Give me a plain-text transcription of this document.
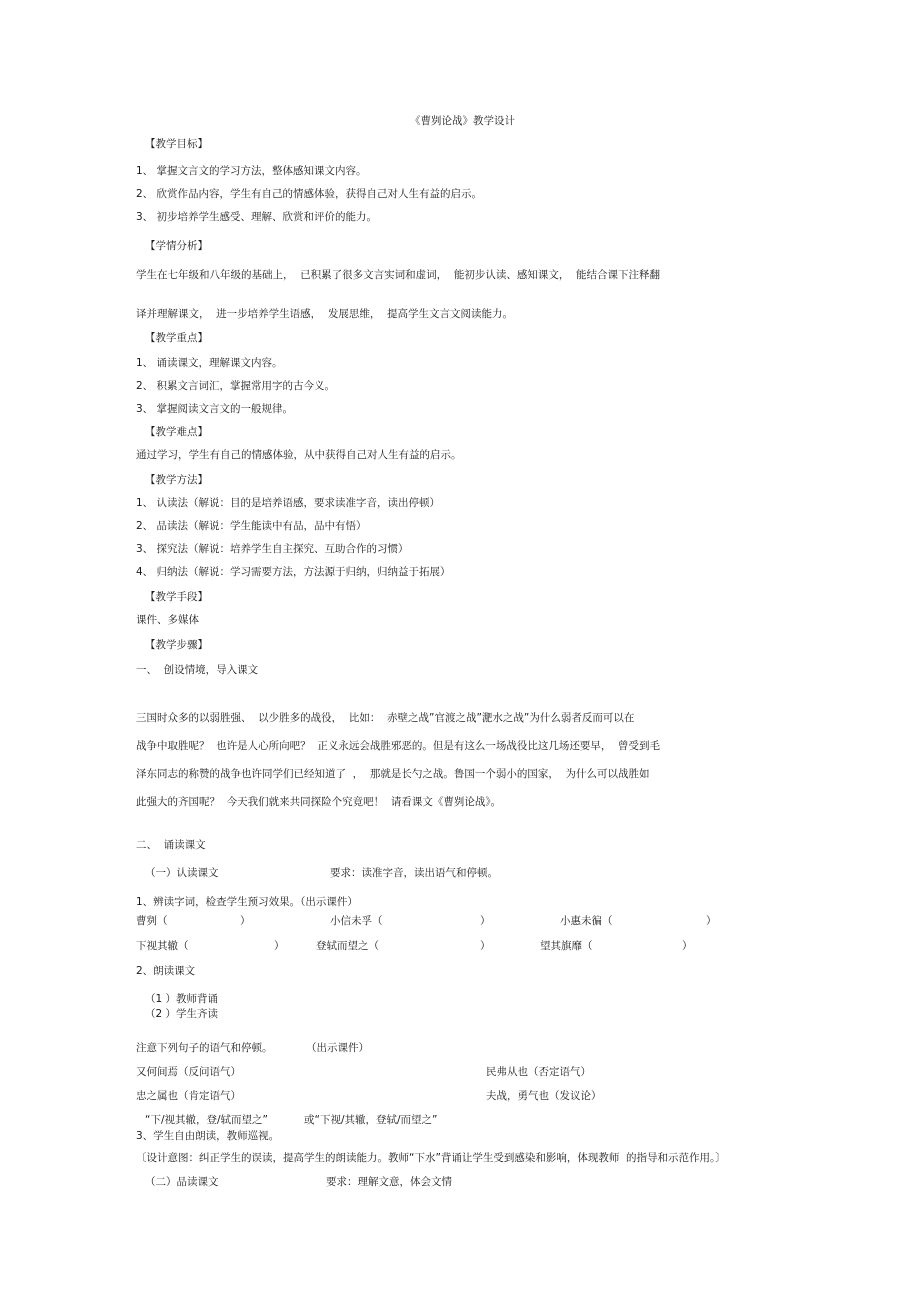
《曹刿论战》教学设计
【教学目标】
1、 掌握文言文的学习方法，整体感知课文内容。
2、 欣赏作品内容，学生有自己的情感体验，获得自己对人生有益的启示。
3、 初步培养学生感受、理解、欣赏和评价的能力。
【学情分析】
学生在七年级和八年级的基础上，  已积累了很多文言实词和虚词，  能初步认读、感知课文，  能结合课下注释翻
译并理解课文，  进一步培养学生语感，  发展思维，  提高学生文言文阅读能力。
【教学重点】
1、 诵读课文，理解课文内容。
2、 积累文言词汇，掌握常用字的古今义。
3、 掌握阅读文言文的一般规律。
【教学难点】
通过学习，学生有自己的情感体验，从中获得自己对人生有益的启示。
【教学方法】
1、 认读法（解说：目的是培养语感，要求读准字音，读出停顿）
2、 品读法（解说：学生能读中有品，品中有悟）
3、 探究法（解说：培养学生自主探究、互助合作的习惯）
4、 归纳法（解说：学习需要方法，方法源于归纳，归纳益于拓展）
【教学手段】
课件、多媒体
【教学步骤】
一、  创设情境，导入课文
三国时众多的以弱胜强、  以少胜多的战役，  比如：  赤壁之战”官渡之战”淝水之战”为什么弱者反而可以在
战争中取胜呢？  也许是人心所向吧？  正义永远会战胜邪恶的。但是有这么一场战役比这几场还要早，  曾受到毛
泽东同志的称赞的战争也许同学们已经知道了  ，  那就是长勺之战。鲁国一个弱小的国家，  为什么可以战胜如
此强大的齐国呢？  今天我们就来共同探险个究竟吧！  请看课文《曹刿论战》。
二、  诵读课文
（一）认读课文	要求：读准字音，读出语气和停顿。
1、辨读字词，检查学生预习效果。（出示课件）
曹刿（	）	小信未孚（	）	小惠未徧（	）
下视其辙（	）	登轼而望之（	）	望其旗靡（	）
2、朗读课文
（1 ）教师背诵
（2 ）学生齐读
注意下列句子的语气和停顿。	（出示课件）
又何间焉（反问语气）	民弗从也（否定语气）
忠之属也（肯定语气）	夫战，勇气也（发议论）
“下/视其辙，登/轼而望之”	或“下视/其辙，登轼/而望之”
3、学生自由朗读，教师巡视。
〔设计意图：纠正学生的误读，提高学生的朗读能力。教师“下水”背诵让学生受到感染和影响，体现教师  的指导和示范作用。〕
（二）品读课文	要求：理解文意，体会文情
